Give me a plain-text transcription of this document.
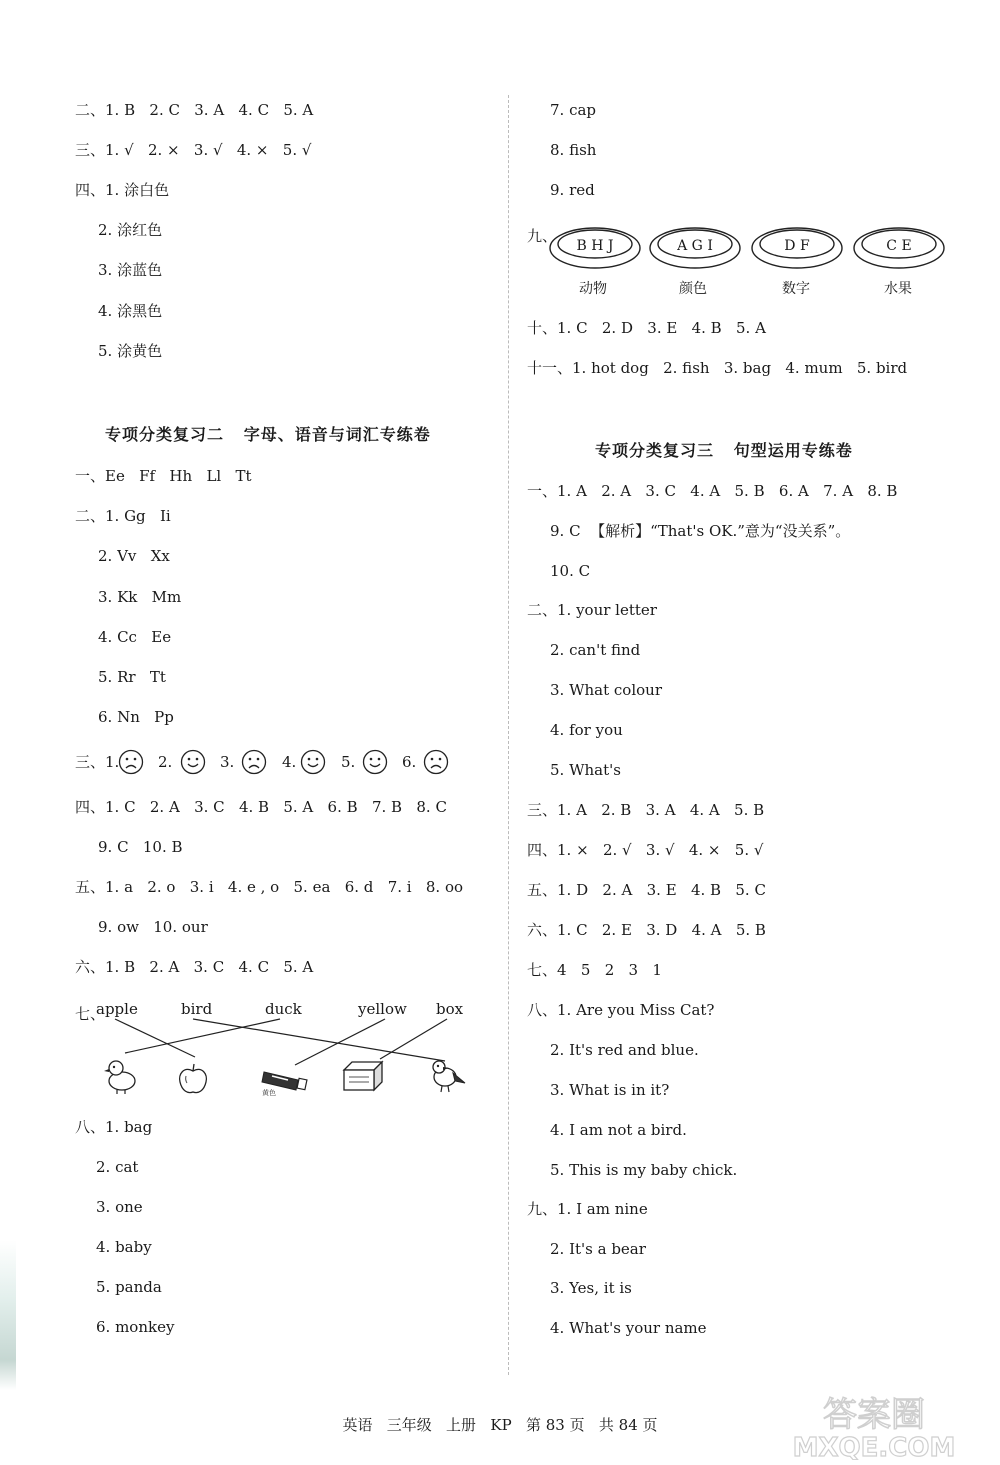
二、1. B   2. C   3. A   4. C   5. A
三、1. √   2. ×   3. √   4. ×   5. √
四、1. 涂白色
2. 涂红色
3. 涂蓝色
4. 涂黑色
5. 涂黄色
专项分类复习二   字母、语音与词汇专练卷
一、Ee   Ff   Hh   Ll   Tt
二、1. Gg   Ii
2. Vv   Xx
3. Kk   Mm
4. Cc   Ee
5. Rr   Tt
6. Nn   Pp
三、1.	2.	3.	4.	5.	6.
四、1. C   2. A   3. C   4. B   5. A   6. B   7. B   8. C
9. C   10. B
五、1. a   2. o   3. i   4. e , o   5. ea   6. d   7. i   8. oo
9. ow   10. our
六、1. B   2. A   3. C   4. C   5. A
七、
apple	bird	duck	yellow box
黄色
八、1. bag
2. cat
3. one
4. baby
5. panda
6. monkey
7. cap
8. fish
9. red
九、
B H J
动物
A G I
颜色
D F
数字
C E
水果
十、1. C   2. D   3. E   4. B   5. A
十一、1. hot dog   2. fish   3. bag   4. mum   5. bird
专项分类复习三   句型运用专练卷
一、1. A   2. A   3. C   4. A   5. B   6. A   7. A   8. B
9. C  【解析】“That's OK.”意为“没关系”。
10. C
二、1. your letter
2. can't find
3. What colour
4. for you
5. What's
三、1. A   2. B   3. A   4. A   5. B
四、1. ×   2. √   3. √   4. ×   5. √
五、1. D   2. A   3. E   4. B   5. C
六、1. C   2. E   3. D   4. A   5. B
七、4   5   2   3   1
八、1. Are you Miss Cat?
2. It's red and blue.
3. What is in it?
4. I am not a bird.
5. This is my baby chick.
九、1. I am nine
2. It's a bear
3. Yes, it is
4. What's your name
英语   三年级   上册   KP   第 83 页   共 84 页	答案圈
MXQE.COM
